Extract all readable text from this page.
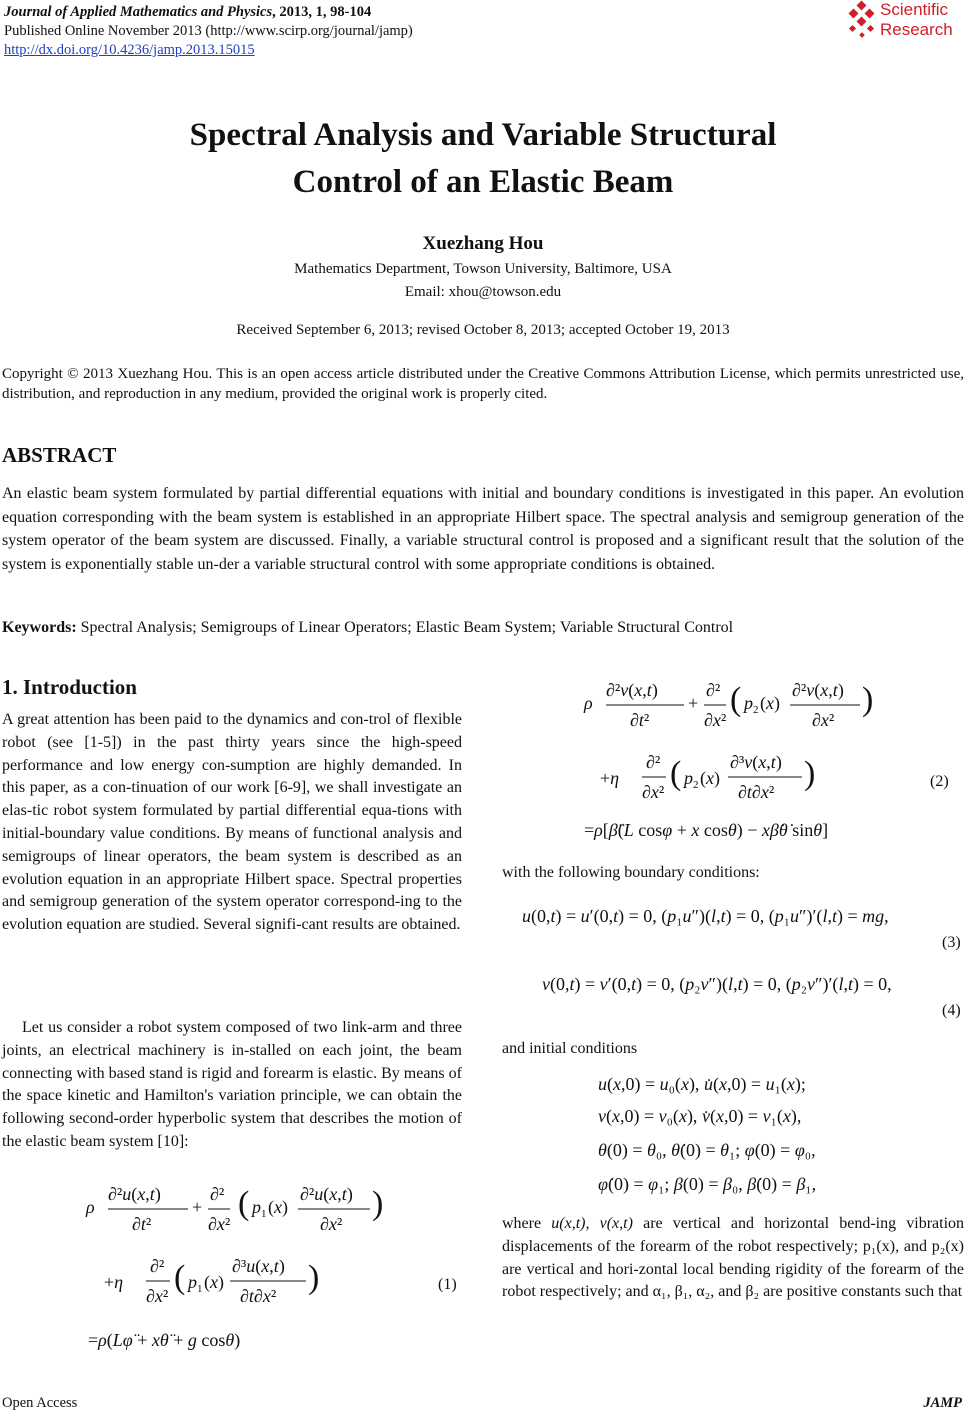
Journal of Applied Mathematics and Physics, 2013, 1, 98-104
Published Online November 2013 (http://www.scirp.org/journal/jamp)
http://dx.doi.org/10.4236/jamp.2013.15015
Scientific
Research
Spectral Analysis and Variable Structural
Control of an Elastic Beam
Xuezhang Hou
Mathematics Department, Towson University, Baltimore, USA
Email: xhou@towson.edu
Received September 6, 2013; revised October 8, 2013; accepted October 19, 2013
Copyright © 2013 Xuezhang Hou. This is an open access article distributed under the Creative Commons Attribution License, which permits unrestricted use, distribution, and reproduction in any medium, provided the original work is properly cited.
ABSTRACT
An elastic beam system formulated by partial differential equations with initial and boundary conditions is investigated in this paper. An evolution equation corresponding with the beam system is established in an appropriate Hilbert space. The spectral analysis and semigroup generation of the system operator of the beam system are discussed. Finally, a variable structural control is proposed and a significant result that the solution of the system is exponentially stable un-der a variable structural control with some appropriate conditions is obtained.
Keywords: Spectral Analysis; Semigroups of Linear Operators; Elastic Beam System; Variable Structural Control
1. Introduction
A great attention has been paid to the dynamics and con-trol of flexible robot (see [1-5]) in the past thirty years since the high-speed performance and low energy con-sumption are highly demanded. In this paper, as a con-tinuation of our work [6-9], we shall investigate an elas-tic robot system formulated by partial differential equa-tions with initial-boundary value conditions. By means of functional analysis and semigroups of linear operators, the beam system is described as an evolution equation in an appropriate Hilbert space. Spectral properties and semigroup generation of the system operator correspond-ing to the evolution equation are studied. Several signifi-cant results are obtained.
Let us consider a robot system composed of two link-arm and three joints, an electrical machinery is in-stalled on each joint, the beam connecting with based stand is rigid and forearm is elastic. By means of the space kinetic and Hamilton's variation principle, we can obtain the following second-order hyperbolic system that describes the motion of the elastic beam system [10]:
ρ
∂²u(x,t)
∂t²
+
∂²
∂x²
( p 1 (x)
∂²u(x,t)
∂x²
)
+η
∂²
∂x² ( p 1 (x)
∂³u(x,t)
∂t∂x² )
=ρ(Lφ̈ + xθ̈ + g cosθ)
(1)
ρ
∂²v(x,t)
∂t²
+
∂²
∂x²
( p 2 (x)
∂²v(x,t)
∂x²
)
+η
∂²
∂x² ( p 2 (x)
∂³v(x,t)
∂t∂x² )
=ρ[β̈(L cosφ + x cosθ) − xβ̇θ̇ sinθ]
(2)
with the following boundary conditions:
u(0,t) = u′(0,t) = 0, (p₁u″)(l,t) = 0, (p₁u″)′(l,t) = mg,
(3)
v(0,t) = v′(0,t) = 0, (p₂v″)(l,t) = 0, (p₂v″)′(l,t) = 0,
(4)
and initial conditions
u(x,0) = u₀(x), u̇(x,0) = u₁(x);
v(x,0) = v₀(x), v̇(x,0) = v₁(x),
θ(0) = θ₀, θ̇(0) = θ₁; φ(0) = φ₀,
φ̇(0) = φ₁; β(0) = β₀, β̇(0) = β₁,
where u(x,t), v(x,t) are vertical and horizontal bend-ing vibration displacements of the forearm of the robot respectively; p₁(x), and p₂(x) are vertical and hori-zontal local bending rigidity of the forearm of the robot respectively; and α₁, β₁, α₂, and β₂ are positive constants such that
Open Access	JAMP
